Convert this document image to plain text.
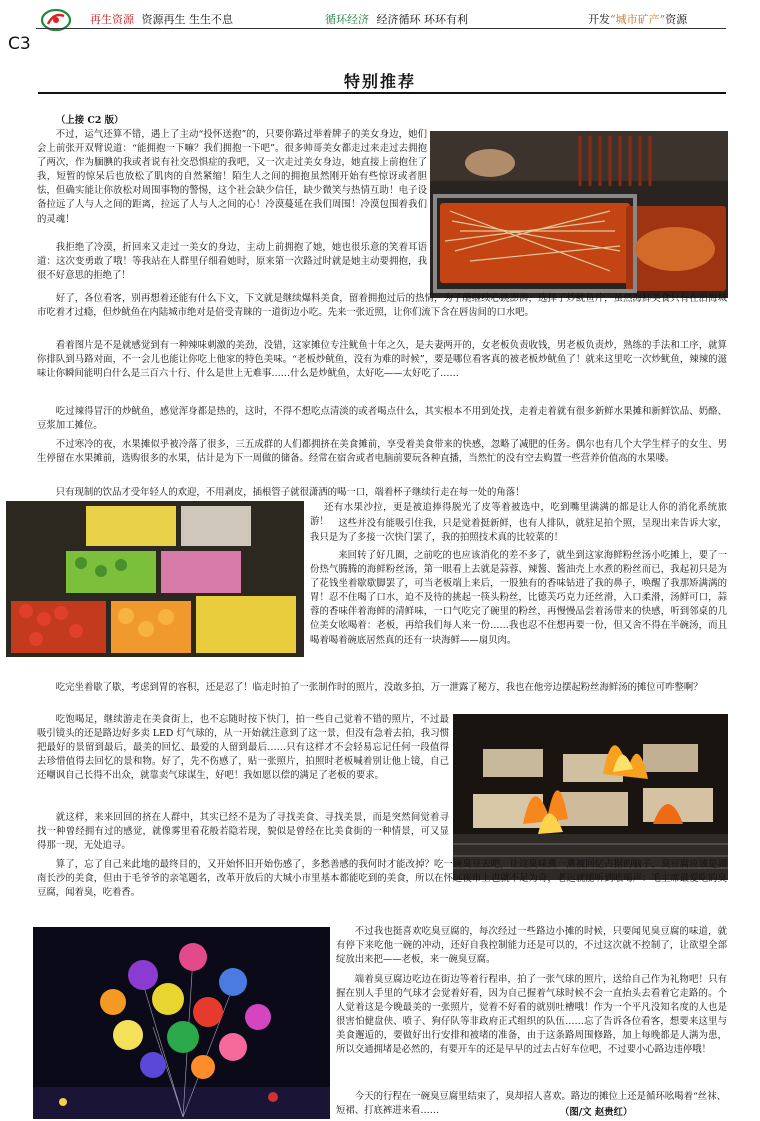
再生资源 资源再生 生生不息	循环经济 经济循环 环环有利	开发“城市矿产”资源
C3
特别推荐
（上接 C2 版）

不过，运气还算不错，遇上了主动“投怀送抱”的，只要你路过举着牌子的美女身边，她们会上前张开双臂说道：“能拥抱一下嘛？我们拥抱一下吧”。很多帅哥美女都走过来走过去拥抱了两次，作为腼腆的我或者说有社交恐惧症的我吧，又一次走过美女身边，她直接上前抱住了我，短暂的惊呆后也放松了肌肉的自然紧缩！陌生人之间的拥抱虽然刚开始有些惊讶或者胆怯，但确实能让你放松对周围事物的警惕，这个社会缺少信任，缺少微笑与热情互助！电子设备拉远了人与人之间的距离，拉远了人与人之间的心！冷漠蔓延在我们周围！冷漠包围着我们的灵魂！

我拒绝了冷漠，折回来又走过一美女的身边，主动上前拥抱了她，她也很乐意的笑着耳语道：这次变勇敢了哦！等我站在人群里仔细看她时，原来第一次路过时就是她主动要拥抱，我很不好意思的拒绝了！

好了，各位看客，别再想着还能有什么下文，下文就是继续爆料美食，留着拥抱过后的热情，为了能继续心跳澎湃，选择了炒鱿鱼片，虽然海鲜美食只有在沿海城市吃着才过瘾，但炒鱿鱼在内陆城市绝对是倍受青睐的一道街边小吃。先来一张近照，让你们流下含在唇齿间的口水吧。

看着图片是不是就感觉到有一种辣味刺激的美劲，没错，这家摊位专注鱿鱼十年之久，是夫妻两开的，女老板负责收钱，男老板负责炒，熟练的手法和工序，就算你排队到马路对面，不一会儿也能让你吃上他家的特色美味。“老板炒鱿鱼，没有为难的时候”，要是哪位看客真的被老板炒鱿鱼了！就来这里吃一次炒鱿鱼，辣辣的滋味让你瞬间能明白什么是三百六十行、什么是世上无难事……什么是炒鱿鱼，太好吃——太好吃了……

吃过辣得冒汗的炒鱿鱼，感觉浑身都是热的，这时，不得不想吃点清淡的或者喝点什么，其实根本不用到处找，走着走着就有很多新鲜水果摊和新鲜饮品、奶酪、豆浆加工摊位。

不过寒冷的夜，水果摊似乎被冷落了很多，三五成群的人们都拥挤在美食摊前，享受着美食带来的快感，忽略了减肥的任务。偶尔也有几个大学生样子的女生、男生停留在水果摊前，选购很多的水果，估计是为下一周做的储备。经常在宿舍或者电脑前要玩各种直播，当然忙的没有空去购置一些营养价值高的水果喽。

只有现制的饮品才受年轻人的欢迎，不用剥皮，插根管子就很潇洒的喝一口，端着杯子继续行走在每一处的角落！

还有水果沙拉，更是被追捧得脱光了皮等着被选中，吃到嘴里满满的都是让人你的消化系统旅游！	这些并没有能吸引住我，只是觉着挺新鲜，也有人排队，就驻足拍个照，呈现出来告诉大家，我只是为了多接一次快门罢了，我的拍照技术真的比较菜的！

来回转了好几圈，之前吃的也应该消化的差不多了，就坐到这家海鲜粉丝汤小吃摊上，要了一份热气腾腾的海鲜粉丝汤，第一眼看上去就是蒜蓉、辣酱、酱油壳上水煮的粉丝而已，我起初只是为了花钱坐着歇歇脚罢了，可当老板端上来后，一股独有的香味钻进了我的鼻子，唤醒了我那矫满满的胃！忍不住喝了口水，迫不及待的挑起一筷头粉丝，比德芙巧克力还丝滑，入口柔滑，汤鲜可口，蒜蓉的香味伴着海鲜的清鲜味，一口气吃完了碗里的粉丝，再慢慢品尝着汤带来的快感，听到邻桌的几位美女吆喝着：老板，再给我们每人来一份……我也忍不住想再要一份，但又舍不得在半碗汤，而且喝着喝着碗底居然真的还有一块海鲜——扇贝肉。

吃完坐着歇了歇，考虑到胃的容积，还是忍了！临走时拍了一张制作时的照片，没敢多拍，万一泄露了秘方，我也在他旁边摆起粉丝海鲜汤的摊位可咋整啊？

吃饱喝足，继续游走在美食街上，也不忘随时按下快门，拍一些自己觉着不错的照片，不过最吸引镜头的还是路边好多卖 LED 灯气球的，从一开始就注意到了这一景，但没有急着去拍，我习惯把最好的景留到最后，最美的回忆、最爱的人留到最后……只有这样才不会轻易忘记任何一段值得去珍惜值得去回忆的景和物。好了，先不伤感了，贴一张照片，拍照时老板喊着别让他上镜，自己还嘲讽自己长得不出众，就靠卖气球谋生，好吧！我如愿以偿的满足了老板的要求。

就这样，来来回回的挤在人群中，其实已经不是为了寻找美食、寻找美景，而是突然间觉着寻找一种曾经拥有过的感觉，就像雾里看花般若隐若现，貌似是曾经在比美食街的一种情景，可又显得那一现，无处追寻。

算了，忘了自己来此地的最终目的，又开始怀旧开始伤感了，多愁善感的我何时才能改掉？吃一碗臭豆去吧，让这臭味熏一熏被回忆占据的脑子，臭豆腐应该是湖南长沙的美食，但由于毛爷爷的亲笔题名，改革开放后的大城小市里基本都能吃到的美食，所以在怀远夜市上也就不足为奇，老远就能听到吆喝声：毛主席最爱吃的臭豆腐，闻着臭，吃着香。

不过我也挺喜欢吃臭豆腐的，每次经过一些路边小摊的时候，只要闻见臭豆腐的味道，就有停下来吃他一碗的冲动，还好自我控制能力还是可以的，不过这次就不控制了，让欲望全部绽放出来把——老板，来一碗臭豆腐。

端着臭豆腐边吃边在街边等着行程串，拍了一张气球的照片，送给自己作为礼物吧！只有握在别人手里的气球才会觉着好看，因为自己握着气球时候不会一直抬头去看着它走路的。个人觉着这是今晚最美的一张照片，觉着不好看的就别吐槽哦！作为一个平凡没知名度的人也是很害怕健盘侠、喷子、狗仔队等非政府正式组织的队伍……忘了告诉各位看客，想要来这里与美食邂逅的，要做好出行安排和被堵的准备，由于这条路周围修路，加上每晚都是人满为患，所以交通拥堵是必然的，有要开车的还是早早的过去占好车位吧，不过要小心路边违停哦！

今天的行程在一碗臭豆腐里结束了，臭却招人喜欢。路边的摊位上还是循环吆喝着“丝袜、短裙、打底裤进来看……	（图/文 赵贵红）
